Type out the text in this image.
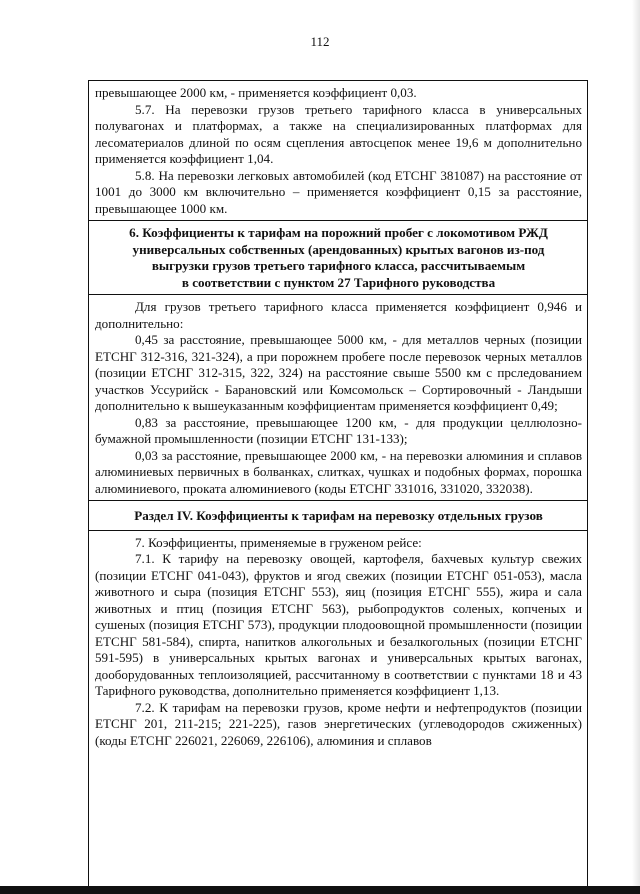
112

превышающее 2000 км, - применяется коэффициент 0,03.

5.7. На перевозки грузов третьего тарифного класса в универсальных полувагонах и платформах, а также на специализированных платформах для лесоматериалов длиной по осям сцепления автосцепок менее 19,6 м дополнительно применяется коэффициент 1,04.

5.8. На перевозки легковых автомобилей (код ЕТСНГ 381087) на расстояние от 1001 до 3000 км включительно – применяется коэффициент 0,15 за расстояние, превышающее 1000 км.

6. Коэффициенты к тарифам на порожний пробег с локомотивом РЖД
универсальных собственных (арендованных) крытых вагонов из-под
выгрузки грузов третьего тарифного класса, рассчитываемым
в соответствии с пунктом 27 Тарифного руководства

Для грузов третьего тарифного класса применяется коэффициент 0,946 и дополнительно:

0,45 за расстояние, превышающее 5000 км, - для металлов черных (позиции ЕТСНГ 312-316, 321-324), а при порожнем пробеге после перевозок черных металлов (позиции ЕТСНГ 312-315, 322, 324) на расстояние свыше 5500 км с прследованием участков Уссурийск - Барановский или Комсомольск – Сортировочный - Ландыши дополнительно к вышеуказанным коэффициентам применяется коэффициент 0,49;

0,83 за расстояние, превышающее 1200 км, - для продукции целлюлозно-бумажной промышленности (позиции ЕТСНГ 131-133);

0,03 за расстояние, превышающее 2000 км, - на перевозки алюминия и сплавов алюминиевых первичных в болванках, слитках, чушках и подобных формах, порошка алюминиевого, проката алюминиевого (коды ЕТСНГ 331016, 331020, 332038).

Раздел IV. Коэффициенты к тарифам на перевозку отдельных грузов

7. Коэффициенты, применяемые в груженом рейсе:

7.1. К тарифу на перевозку овощей, картофеля, бахчевых культур свежих (позиции ЕТСНГ 041-043), фруктов и ягод свежих (позиции ЕТСНГ 051-053), масла животного и сыра (позиция ЕТСНГ 553), яиц (позиция ЕТСНГ 555), жира и сала животных и птиц (позиция ЕТСНГ 563), рыбопродуктов соленых, копченых и сушеных (позиция ЕТСНГ 573), продукции плодоовощной промышленности (позиции ЕТСНГ 581-584), спирта, напитков алкогольных и безалкогольных (позиции ЕТСНГ 591-595) в универсальных крытых вагонах и универсальных крытых вагонах, дооборудованных теплоизоляцией, рассчитанному в соответствии с пунктами 18 и 43 Тарифного руководства, дополнительно применяется коэффициент 1,13.

7.2. К тарифам на перевозки грузов, кроме нефти и нефтепродуктов (позиции ЕТСНГ 201, 211-215; 221-225), газов энергетических (углеводородов сжиженных) (коды ЕТСНГ 226021, 226069, 226106), алюминия и сплавов
